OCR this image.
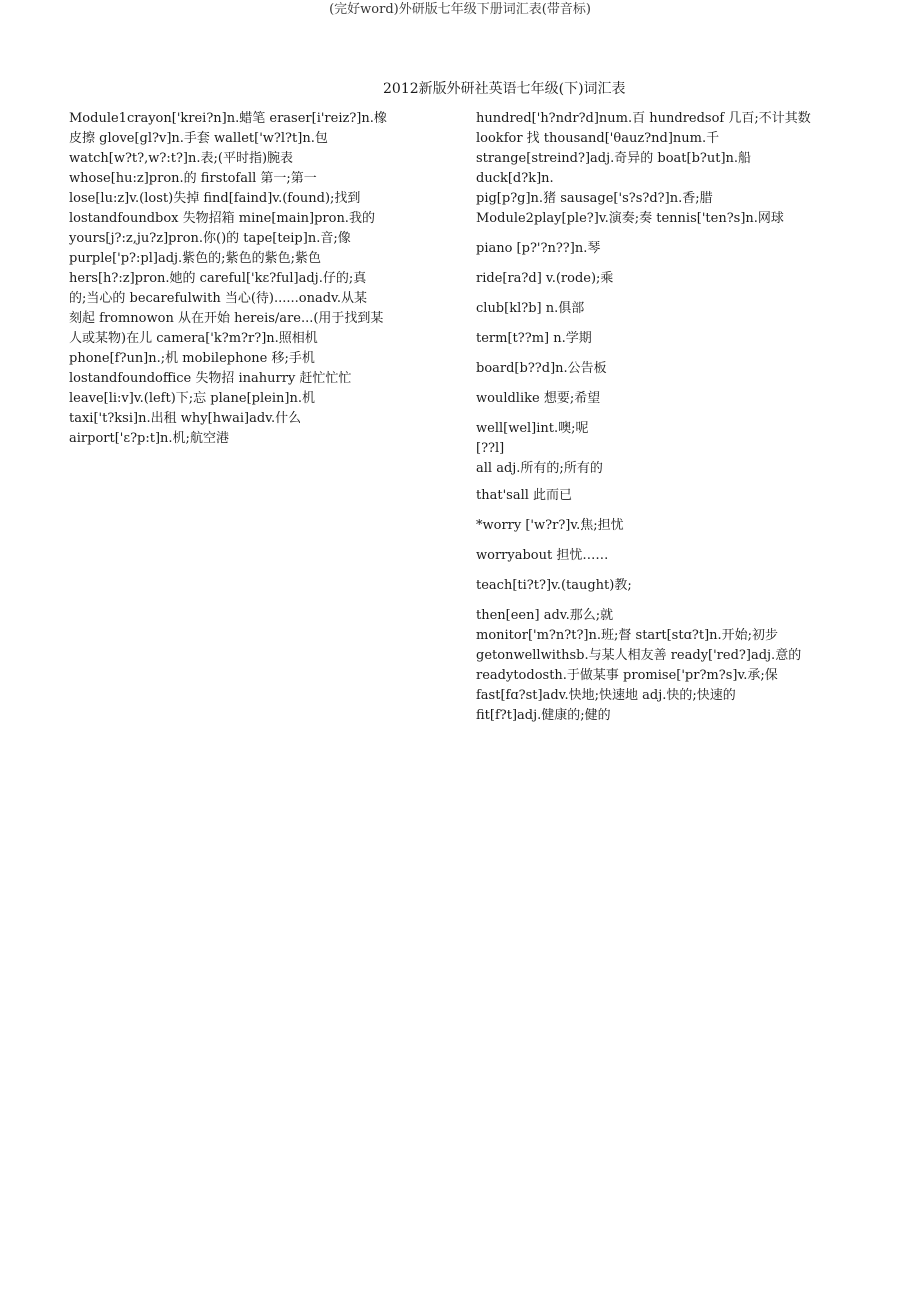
(完好word)外研版七年级下册词汇表(带音标)
2012新版外研社英语七年级(下)词汇表
Module1crayon['krei?n]n.蜡笔 eraser[i'reiz?]n.橡
皮擦 glove[gl?v]n.手套 wallet['w?l?t]n.包
watch[w?t?,w?:t?]n.表;(平时指)腕表
whose[hu:z]pron.的 firstofall 第一;第一
lose[lu:z]v.(lost)失掉 find[faind]v.(found);找到
lostandfoundbox 失物招箱 mine[main]pron.我的
yours[j?:z,ju?z]pron.你()的 tape[teip]n.音;像
purple['p?:pl]adj.紫色的;紫色的紫色;紫色
hers[h?:z]pron.她的 careful['kɛ?ful]adj.仔的;真
的;当心的 becarefulwith 当心(待)......onadv.从某
刻起 fromnowon 从在开始 hereis/are...(用于找到某
人或某物)在儿 camera['k?m?r?]n.照相机
phone[f?un]n.;机 mobilephone 移;手机
lostandfoundoffice 失物招 inahurry 赶忙忙忙
leave[li:v]v.(left)下;忘 plane[plein]n.机
taxi['t?ksi]n.出租 why[hwai]adv.什么
airport['ɛ?p:t]n.机;航空港
hundred['h?ndr?d]num.百 hundredsof 几百;不计其数
lookfor 找 thousand['θauz?nd]num.千
strange[streind?]adj.奇异的 boat[b?ut]n.船
duck[d?k]n.
pig[p?g]n.猪 sausage['s?s?d?]n.香;腊
Module2play[ple?]v.演奏;奏 tennis['ten?s]n.网球
piano [p?'?n??]n.琴
ride[ra?d] v.(rode);乘
club[kl?b] n.俱部
term[t??m] n.学期
board[b??d]n.公告板
wouldlike 想要;希望
well[wel]int.噢;呢
[??l]
all adj.所有的;所有的
that'sall 此而已
*worry ['w?r?]v.焦;担忧
worryabout 担忧……
teach[ti?t?]v.(taught)教;
then[een] adv.那么;就
monitor['m?n?t?]n.班;督 start[stɑ?t]n.开始;初步
getonwellwithsb.与某人相友善 ready['red?]adj.意的
readytodosth.于做某事 promise['pr?m?s]v.承;保
fast[fɑ?st]adv.快地;快速地 adj.快的;快速的
fit[f?t]adj.健康的;健的
